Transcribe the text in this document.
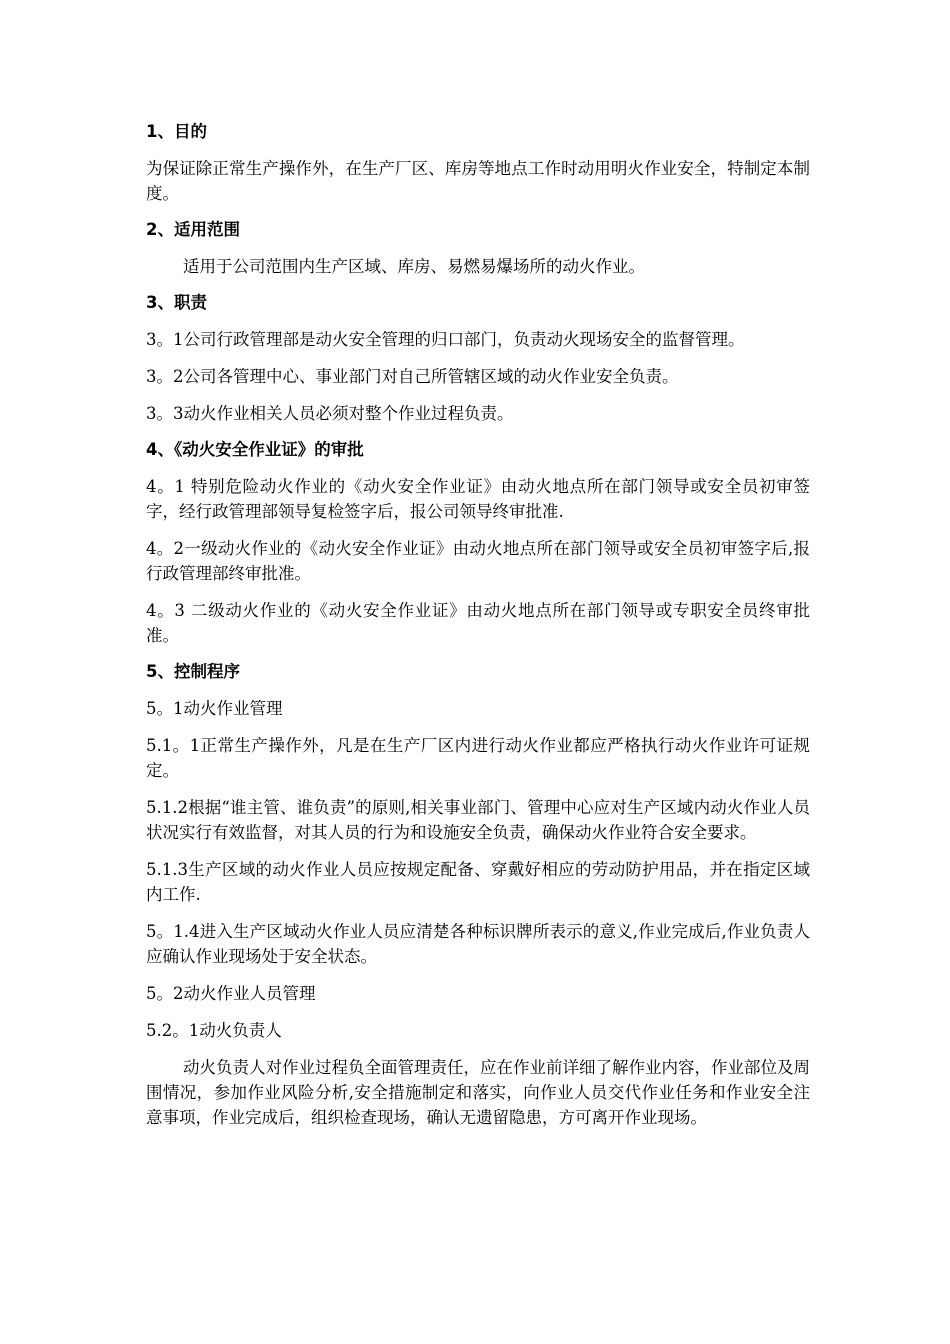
1、目的
为保证除正常生产操作外，在生产厂区、库房等地点工作时动用明火作业安全，特制定本制度。
2、适用范围
适用于公司范围内生产区域、库房、易燃易爆场所的动火作业。
3、职责
3。1公司行政管理部是动火安全管理的归口部门，负责动火现场安全的监督管理。
3。2公司各管理中心、事业部门对自己所管辖区域的动火作业安全负责。
3。3动火作业相关人员必须对整个作业过程负责。
4、《动火安全作业证》的审批
4。1 特别危险动火作业的《动火安全作业证》由动火地点所在部门领导或安全员初审签字，经行政管理部领导复检签字后，报公司领导终审批准.
4。2一级动火作业的《动火安全作业证》由动火地点所在部门领导或安全员初审签字后,报行政管理部终审批准。
4。3 二级动火作业的《动火安全作业证》由动火地点所在部门领导或专职安全员终审批准。
5、控制程序
5。1动火作业管理
5.1。1正常生产操作外，凡是在生产厂区内进行动火作业都应严格执行动火作业许可证规定。
5.1.2根据“谁主管、谁负责”的原则,相关事业部门、管理中心应对生产区域内动火作业人员状况实行有效监督，对其人员的行为和设施安全负责，确保动火作业符合安全要求。
5.1.3生产区域的动火作业人员应按规定配备、穿戴好相应的劳动防护用品，并在指定区域内工作.
5。1.4进入生产区域动火作业人员应清楚各种标识牌所表示的意义,作业完成后,作业负责人应确认作业现场处于安全状态。
5。2动火作业人员管理
5.2。1动火负责人
动火负责人对作业过程负全面管理责任，应在作业前详细了解作业内容，作业部位及周围情况，参加作业风险分析,安全措施制定和落实，向作业人员交代作业任务和作业安全注意事项，作业完成后，组织检查现场，确认无遗留隐患，方可离开作业现场。
